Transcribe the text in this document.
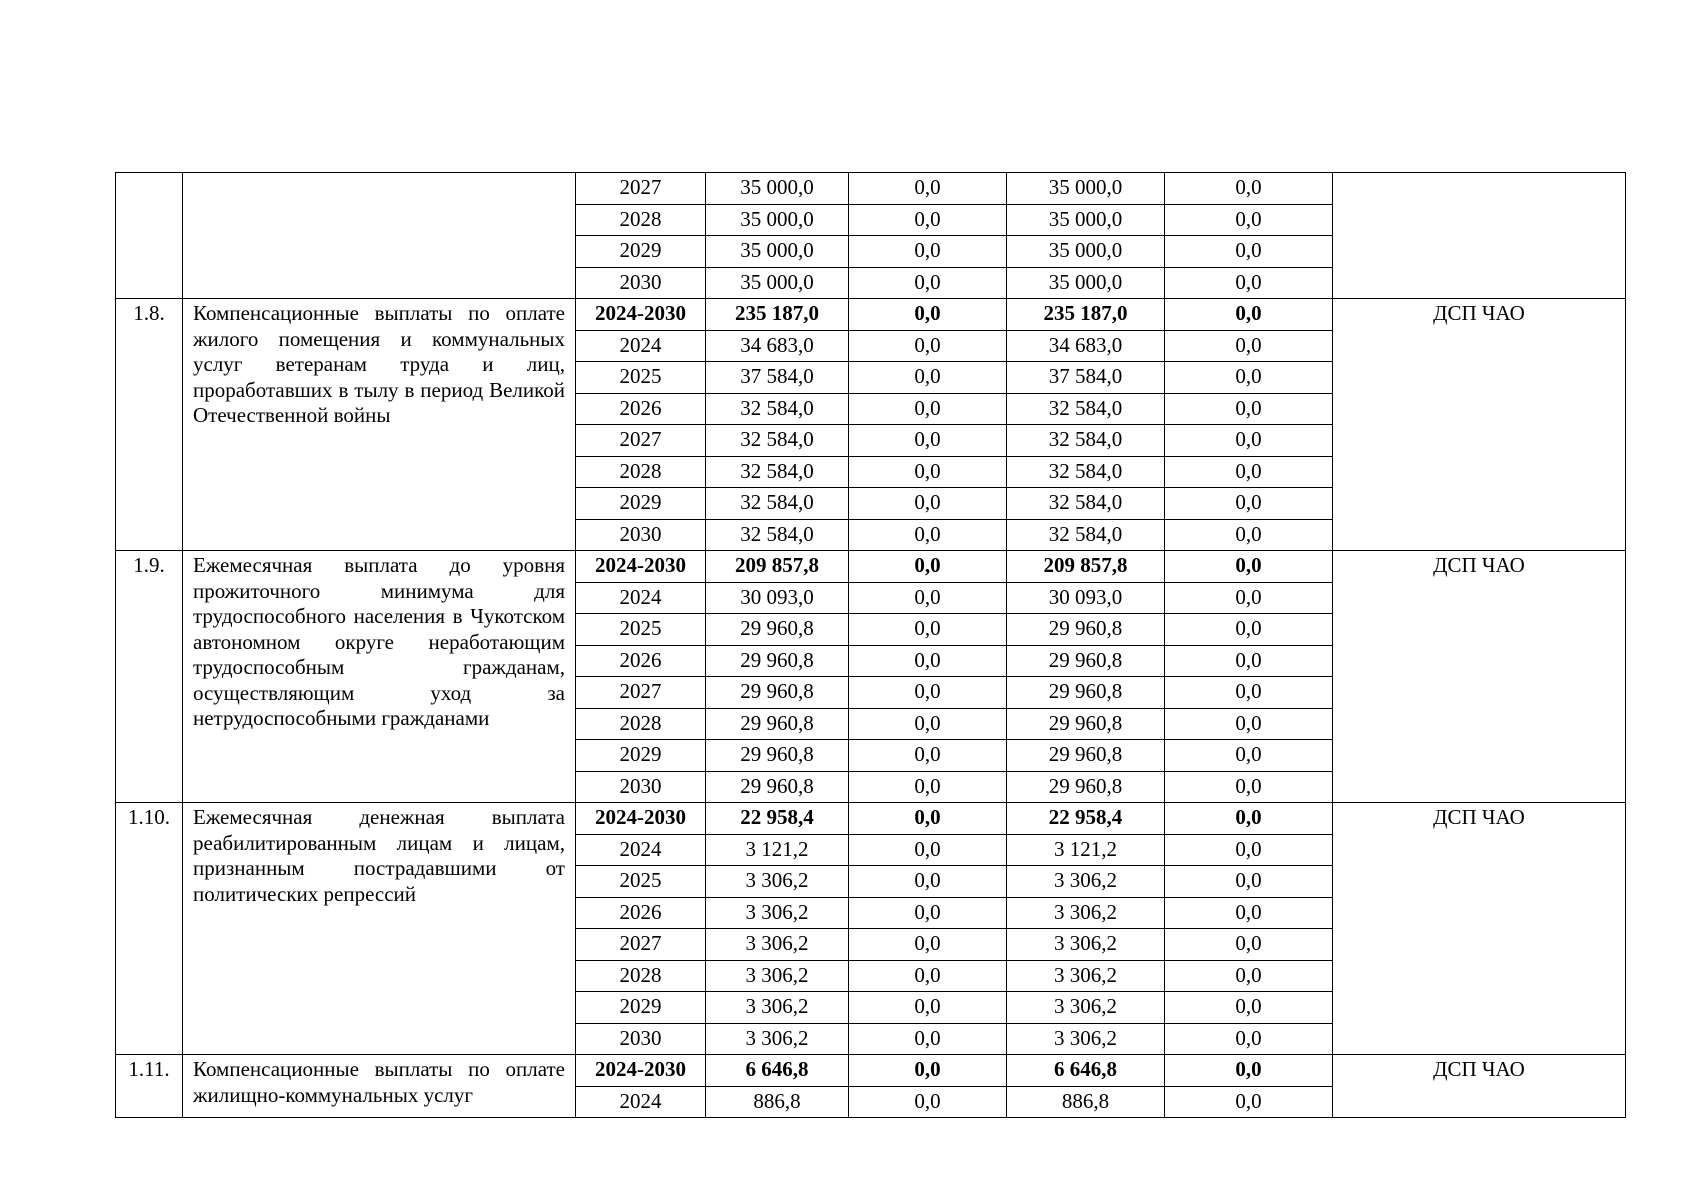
		2027	35 000,0	0,0	35 000,0	0,0	
		2028	35 000,0	0,0	35 000,0	0,0	
		2029	35 000,0	0,0	35 000,0	0,0	
		2030	35 000,0	0,0	35 000,0	0,0	
1.8.	Компенсационные выплаты по оплате жилого помещения и коммунальных услуг ветеранам труда и лиц, проработавших в тылу в период Великой Отечественной войны	2024-2030	235 187,0	0,0	235 187,0	0,0	ДСП ЧАО
		2024	34 683,0	0,0	34 683,0	0,0	
		2025	37 584,0	0,0	37 584,0	0,0	
		2026	32 584,0	0,0	32 584,0	0,0	
		2027	32 584,0	0,0	32 584,0	0,0	
		2028	32 584,0	0,0	32 584,0	0,0	
		2029	32 584,0	0,0	32 584,0	0,0	
		2030	32 584,0	0,0	32 584,0	0,0	
1.9.	Ежемесячная выплата до уровня прожиточного минимума для трудоспособного населения в Чукотском автономном округе неработающим трудоспособным гражданам, осуществляющим уход за нетрудоспособными гражданами	2024-2030	209 857,8	0,0	209 857,8	0,0	ДСП ЧАО
		2024	30 093,0	0,0	30 093,0	0,0	
		2025	29 960,8	0,0	29 960,8	0,0	
		2026	29 960,8	0,0	29 960,8	0,0	
		2027	29 960,8	0,0	29 960,8	0,0	
		2028	29 960,8	0,0	29 960,8	0,0	
		2029	29 960,8	0,0	29 960,8	0,0	
		2030	29 960,8	0,0	29 960,8	0,0	
1.10.	Ежемесячная денежная выплата реабилитированным лицам и лицам, признанным пострадавшими от политических репрессий	2024-2030	22 958,4	0,0	22 958,4	0,0	ДСП ЧАО
		2024	3 121,2	0,0	3 121,2	0,0	
		2025	3 306,2	0,0	3 306,2	0,0	
		2026	3 306,2	0,0	3 306,2	0,0	
		2027	3 306,2	0,0	3 306,2	0,0	
		2028	3 306,2	0,0	3 306,2	0,0	
		2029	3 306,2	0,0	3 306,2	0,0	
		2030	3 306,2	0,0	3 306,2	0,0	
1.11.	Компенсационные выплаты по оплате жилищно-коммунальных услуг	2024-2030	6 646,8	0,0	6 646,8	0,0	ДСП ЧАО
		2024	886,8	0,0	886,8	0,0	
